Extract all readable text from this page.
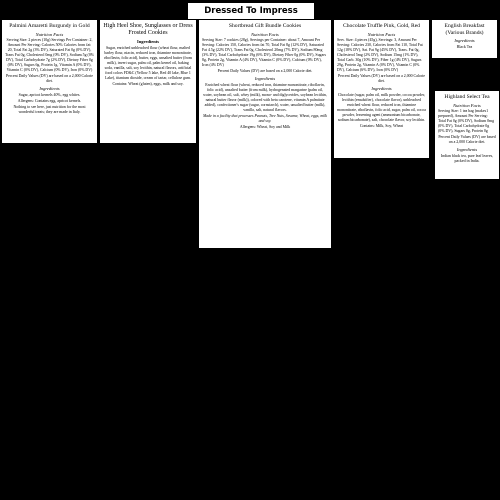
Dressed To Impress
Palmini Amaretti Burgundy in Gold
Nutrition Facts

Serving Size: 2 pieces (10g) Servings Per Container: 2, Amount Per Serving: Calories 50% Calories from fat: 20, Total Fat 2g (3% DV), Saturated Fat 0g (0% DV), Trans Fat 0g, Cholesterol 0mg (0% DV), Sodium 5g (0% DV), Total Carbohydrate 7g (2% DV), Dietary Fiber 0g (0% DV), Sugars 6g, Protein 1g, Vitamin A (0% DV), Vitamin C (0% DV), Calcium (0% DV), Iron (0% DV)

Percent Daily Values (DV) are based on a 2,000 Calorie diet.

Ingredients

Sugar, apricot kernels 40%, egg whites.

Allergens: Contains egg, apricot kernels.

Nothing to see here, just nutrition for the most wonderful treats; they are made in Italy.

High Heel Shoe, Sunglasses or Dress Frosted Cookies
Ingredients

Sugar, enriched unbleached flour (wheat flour, malted barley flour, niacin, reduced iron, thiamine mononitrate, riboflavin, folic acid), butter, eggs, unsalted butter (from milk), invert sugar, palm oil, palm kernel oil, baking soda, vanilla, salt, soy lecithin, natural flavors, artificial food colors FD&C (Yellow 5 lake, Red 40 lake, Blue 1 Lake), titanium dioxide, cream of tartar, cellulose gum.

Contains: Wheat (gluten), eggs, milk and soy.

Shortbread Gift Bundle Cookies
Nutrition Facts

Serving Size: 7 cookies (28g), Servings per Container: about 7, Amount Per Serving: Calories 150, Calories from fat 70, Total Fat 8g (12% DV), Saturated Fat 4.5g (22% DV), Trans Fat 0g, Cholesterol 20mg (7% DV), Sodium 80mg (3% DV), Total Carbohydrate 19g (6% DV), Dietary Fiber 0g (0% DV), Sugars 8g, Protein 2g, Vitamin A (4% DV), Vitamin C (0% DV), Calcium (0% DV), Iron (4% DV)

Percent Daily Values (DV) are based on a 2,000 Calorie diet.

Ingredients

Enriched wheat flour (wheat, reduced iron, thiamine mononitrate, riboflavin, folic acid), unsalted butter (from milk), hydrogenated margarine (palm oil, water, soybean oil, salt, whey (milk), mono- and diglycerides, soybean lecithin, natural butter flavor (milk)), colored with beta carotene, vitamin A palmitate added), confectioner's sugar (sugar, cornstarch), water, unsalted butter (milk), vanilla, salt, natural flavors.

Made in a facility that processes Peanuts, Tree Nuts, Sesame, Wheat, eggs, milk and soy.

Allergens: Wheat, Soy and Milk

Chocolate Truffle Pink, Gold, Red
Nutrition Facts

Serv. Size: 4 pieces (45g), Servings: 3, Amount Per Serving: Calories 230, Calories from Fat 110, Total Fat 12g (18% DV), Sat. Fat 9g (45% DV), Trans. Fat 0g, Cholesterol 5mg (2% DV), Sodium 15mg (1% DV), Total Carb. 30g (10% DV), Fiber 1g (4% DV), Sugars 29g, Protein 2g, Vitamin A (0% DV), Vitamin C (0% DV), Calcium (6% DV), Iron (0% DV)

Percent Daily Values (DV) are based on a 2,000 Calorie diet.

Ingredients

Chocolate (sugar, palm oil, milk powder, cocoa powder, lecithin (emulsifier), chocolate flavor), unbleached enriched wheat flour, reduced iron, thiamine mononitrate, riboflavin, folic acid, sugar, palm oil, cocoa powder, leavening agent (ammonium bicarbonate, sodium bicarbonate), salt, chocolate flavor, soy lecithin.

Contains: Milk, Soy, Wheat

English Breakfast (Various Brands)
Ingredients

Black Tea

Highland Select Tea
Nutrition Facts

Serving Size: 1 tea bag (makes1 prepared), Amount Per Serving: Total Fat 0g (0% DV), Sodium 0mg (0% DV), Total Carbohydrate 0g (0% DV), Sugars 0g, Protein 0g

Percent Daily Values (DV) are based on a 2,000 Calorie diet.

Ingredients

Indian black tea, pure leaf leaves, packed in India.
